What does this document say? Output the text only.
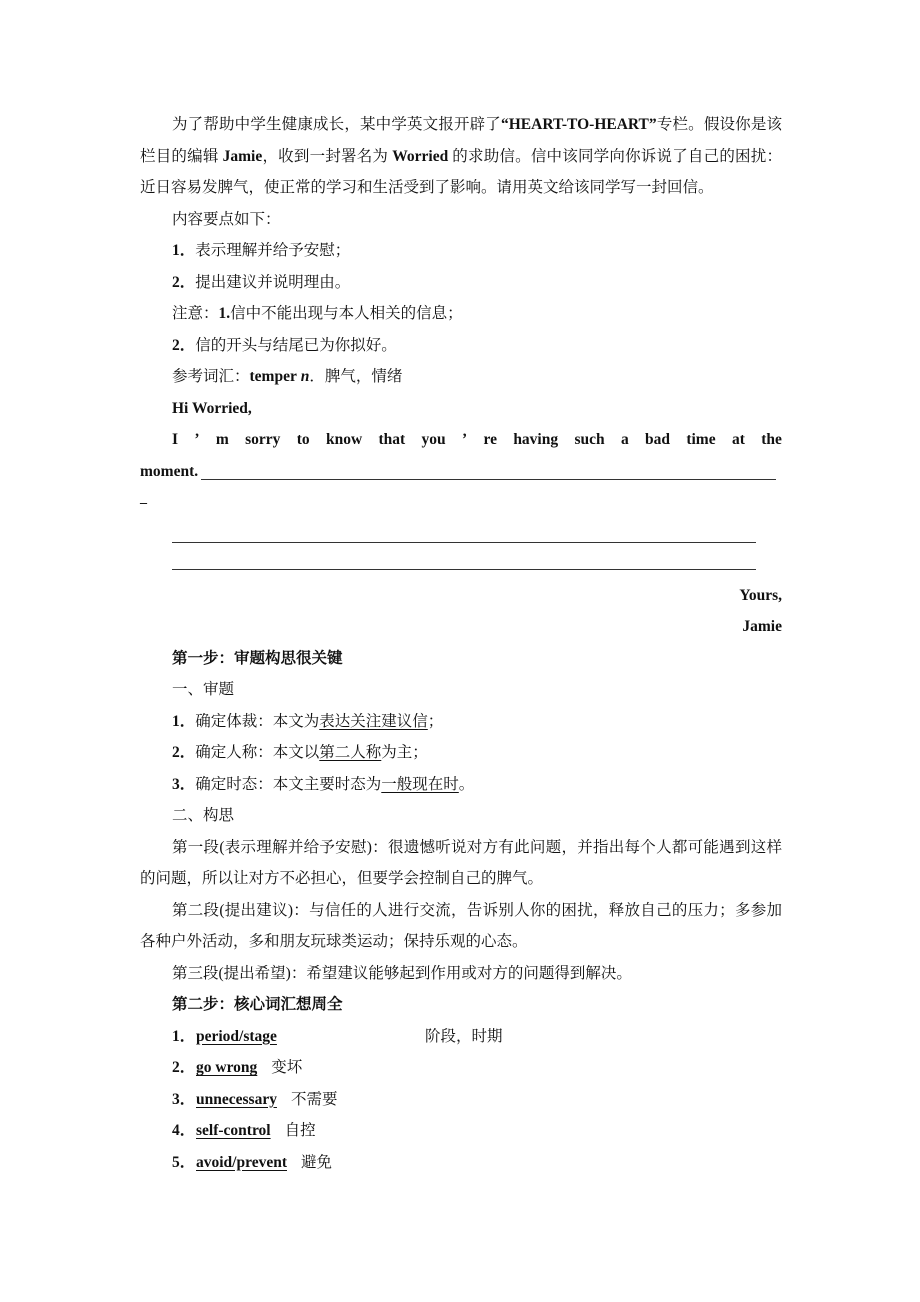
为了帮助中学生健康成长，某中学英文报开辟了“HEART-TO-HEART”专栏。假设你是该栏目的编辑 Jamie，收到一封署名为 Worried 的求助信。信中该同学向你诉说了自己的困扰：近日容易发脾气，使正常的学习和生活受到了影响。请用英文给该同学写一封回信。

内容要点如下：

1．表示理解并给予安慰；

2．提出建议并说明理由。

注意：1.信中不能出现与本人相关的信息；

2．信的开头与结尾已为你拟好。

参考词汇：temper n．脾气，情绪

Hi Worried,

I ’ m sorry to know that you ’ re having such a bad time at the
moment.
_

Yours,

Jamie

第一步：审题构思很关键

一、审题

1．确定体裁：本文为表达关注建议信；

2．确定人称：本文以第二人称为主；

3．确定时态：本文主要时态为一般现在时。

二、构思

第一段(表示理解并给予安慰)：很遗憾听说对方有此问题，并指出每个人都可能遇到这样的问题，所以让对方不必担心，但要学会控制自己的脾气。

第二段(提出建议)：与信任的人进行交流，告诉别人你的困扰，释放自己的压力；多参加各种户外活动，多和朋友玩球类运动；保持乐观的心态。

第三段(提出希望)：希望建议能够起到作用或对方的问题得到解决。

第二步：核心词汇想周全

1． period/stage	阶段，时期
2． go wrong 变坏
3． unnecessary 不需要
4． self-control 自控
5． avoid/prevent 避免
